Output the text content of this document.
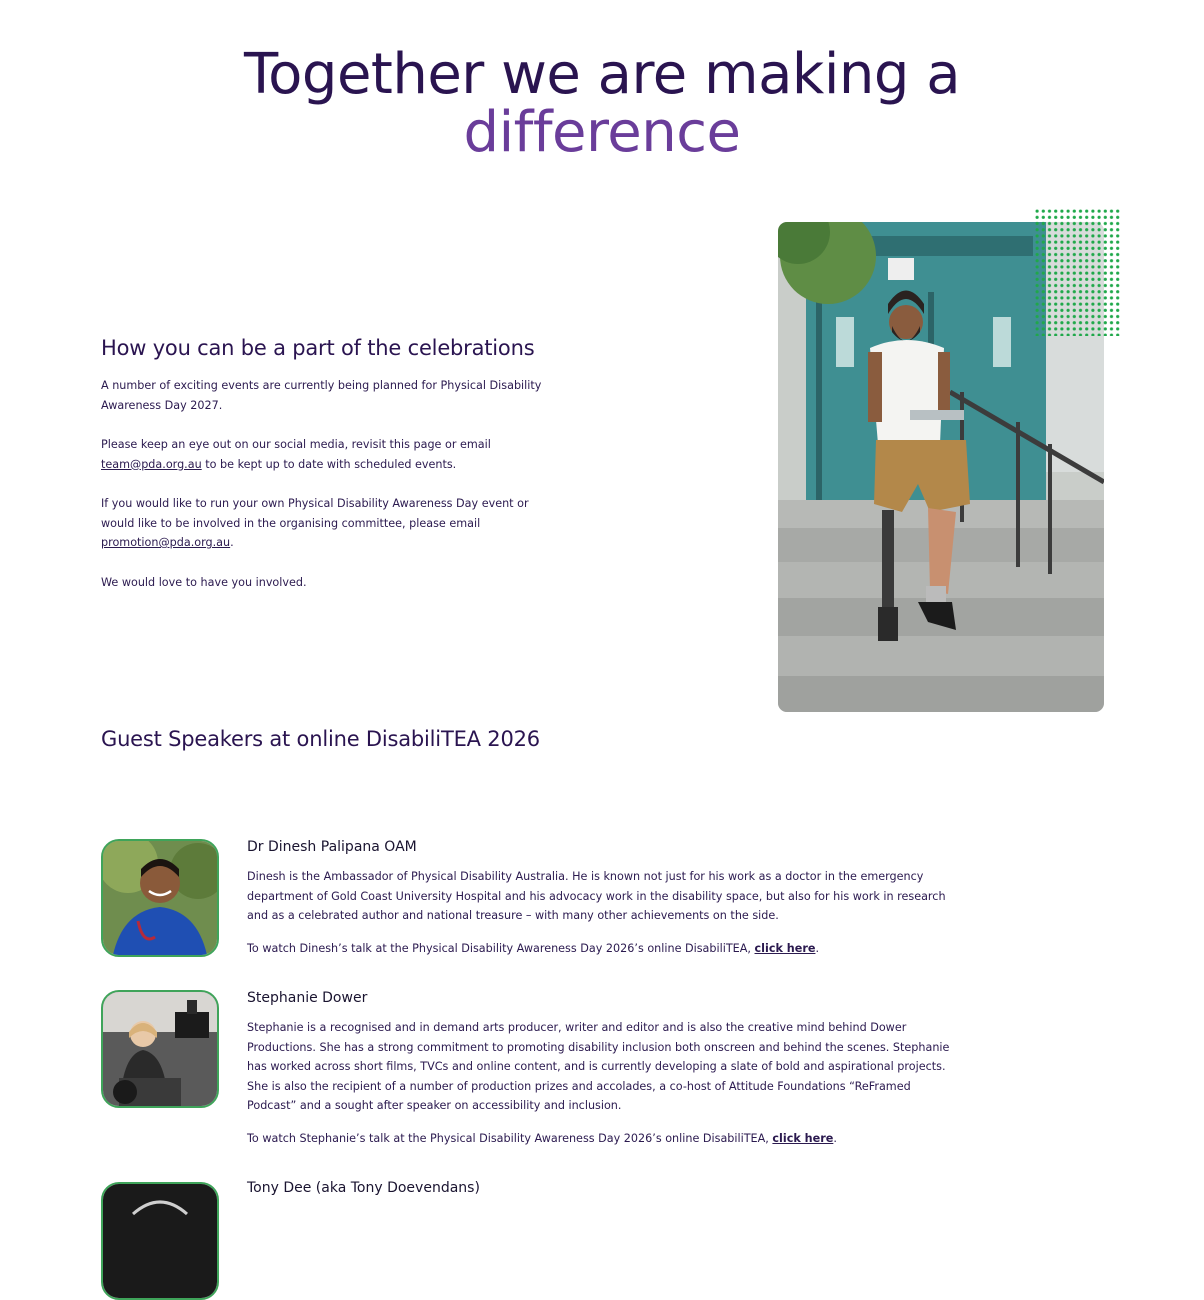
Together we are making a
difference
How you can be a part of the celebrations

A number of exciting events are currently being planned for Physical Disability Awareness Day 2027.

Please keep an eye out on our social media, revisit this page or email team@pda.org.au to be kept up to date with scheduled events.

If you would like to run your own Physical Disability Awareness Day event or would like to be involved in the organising committee, please email promotion@pda.org.au.

We would love to have you involved.

Guest Speakers at online DisabiliTEA 2026
Dr Dinesh Palipana OAM

Dinesh is the Ambassador of Physical Disability Australia. He is known not just for his work as a doctor in the emergency department of Gold Coast University Hospital and his advocacy work in the disability space, but also for his work in research and as a celebrated author and national treasure – with many other achievements on the side.

To watch Dinesh’s talk at the Physical Disability Awareness Day 2026’s online DisabiliTEA, click here.

Stephanie Dower

Stephanie is a recognised and in demand arts producer, writer and editor and is also the creative mind behind Dower Productions. She has a strong commitment to promoting disability inclusion both onscreen and behind the scenes. Stephanie has worked across short films, TVCs and online content, and is currently developing a slate of bold and aspirational projects. She is also the recipient of a number of production prizes and accolades, a co-host of Attitude Foundations “ReFramed Podcast” and a sought after speaker on accessibility and inclusion.

To watch Stephanie’s talk at the Physical Disability Awareness Day 2026’s online DisabiliTEA, click here.

Tony Dee (aka Tony Doevendans)
